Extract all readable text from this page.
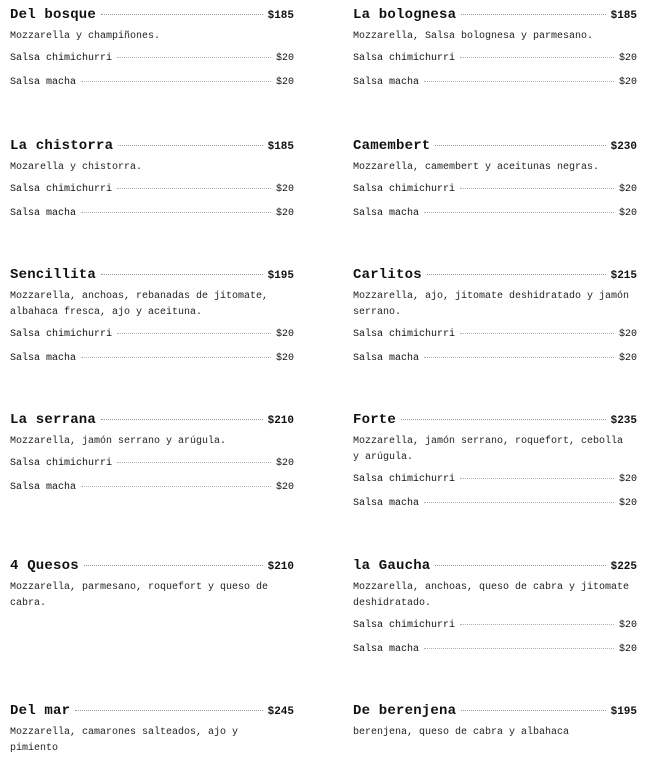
Del bosque	$185
Mozzarella y champiñones.
Salsa chimichurri	$20
Salsa macha	$20
La chistorra	$185
Mozarella y chistorra.
Salsa chimichurri	$20
Salsa macha	$20
Sencillita	$195
Mozzarella, anchoas, rebanadas de jitomate, albahaca fresca, ajo y aceituna.
Salsa chimichurri	$20
Salsa macha	$20
La serrana	$210
Mozzarella, jamón serrano y arúgula.
Salsa chimichurri	$20
Salsa macha	$20
4 Quesos	$210
Mozzarella, parmesano, roquefort y queso de cabra.
Del mar	$245
Mozzarella, camarones salteados, ajo y pimiento
La bolognesa	$185
Mozzarella, Salsa bolognesa y parmesano.
Salsa chimichurri	$20
Salsa macha	$20
Camembert	$230
Mozzarella, camembert y aceitunas negras.
Salsa chimichurri	$20
Salsa macha	$20
Carlitos	$215
Mozzarella, ajo, jitomate deshidratado y jamón serrano.
Salsa chimichurri	$20
Salsa macha	$20
Forte	$235
Mozzarella, jamón serrano, roquefort, cebolla y arúgula.
Salsa chimichurri	$20
Salsa macha	$20
la Gaucha	$225
Mozzarella, anchoas, queso de cabra y jitomate deshidratado.
Salsa chimichurri	$20
Salsa macha	$20
De berenjena	$195
berenjena, queso de cabra y albahaca
